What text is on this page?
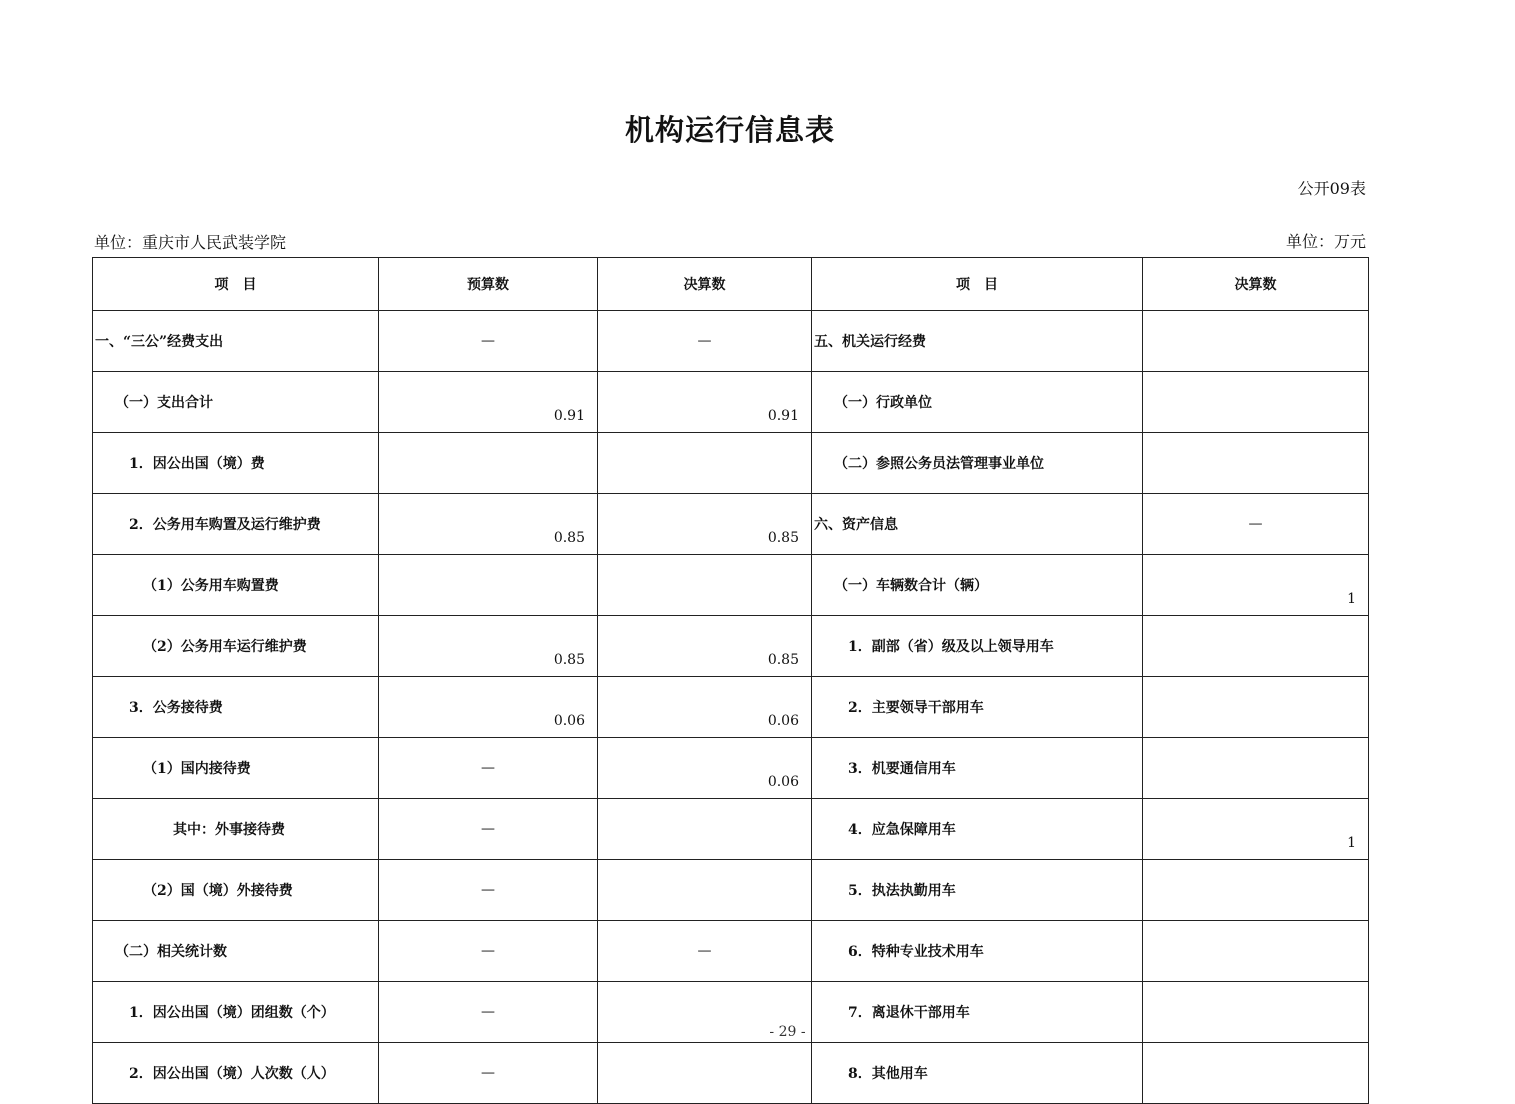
机构运行信息表
公开09表
单位：重庆市人民武装学院	单位：万元
项　目	预算数	决算数	项　目	决算数
一、“三公”经费支出	—	—	五、机关运行经费	
（一）支出合计	0.91	0.91	（一）行政单位	
1．因公出国（境）费			（二）参照公务员法管理事业单位	
2．公务用车购置及运行维护费	0.85	0.85	六、资产信息	—
（1）公务用车购置费			（一）车辆数合计（辆）	1
（2）公务用车运行维护费	0.85	0.85	1．副部（省）级及以上领导用车	
3．公务接待费	0.06	0.06	2．主要领导干部用车	
（1）国内接待费	—	0.06	3．机要通信用车	
其中：外事接待费	—		4．应急保障用车	1
（2）国（境）外接待费	—		5．执法执勤用车	
（二）相关统计数	—	—	6．特种专业技术用车	
1．因公出国（境）团组数（个）	—		7．离退休干部用车	
2．因公出国（境）人次数（人）	—		8．其他用车	
- 29 -
